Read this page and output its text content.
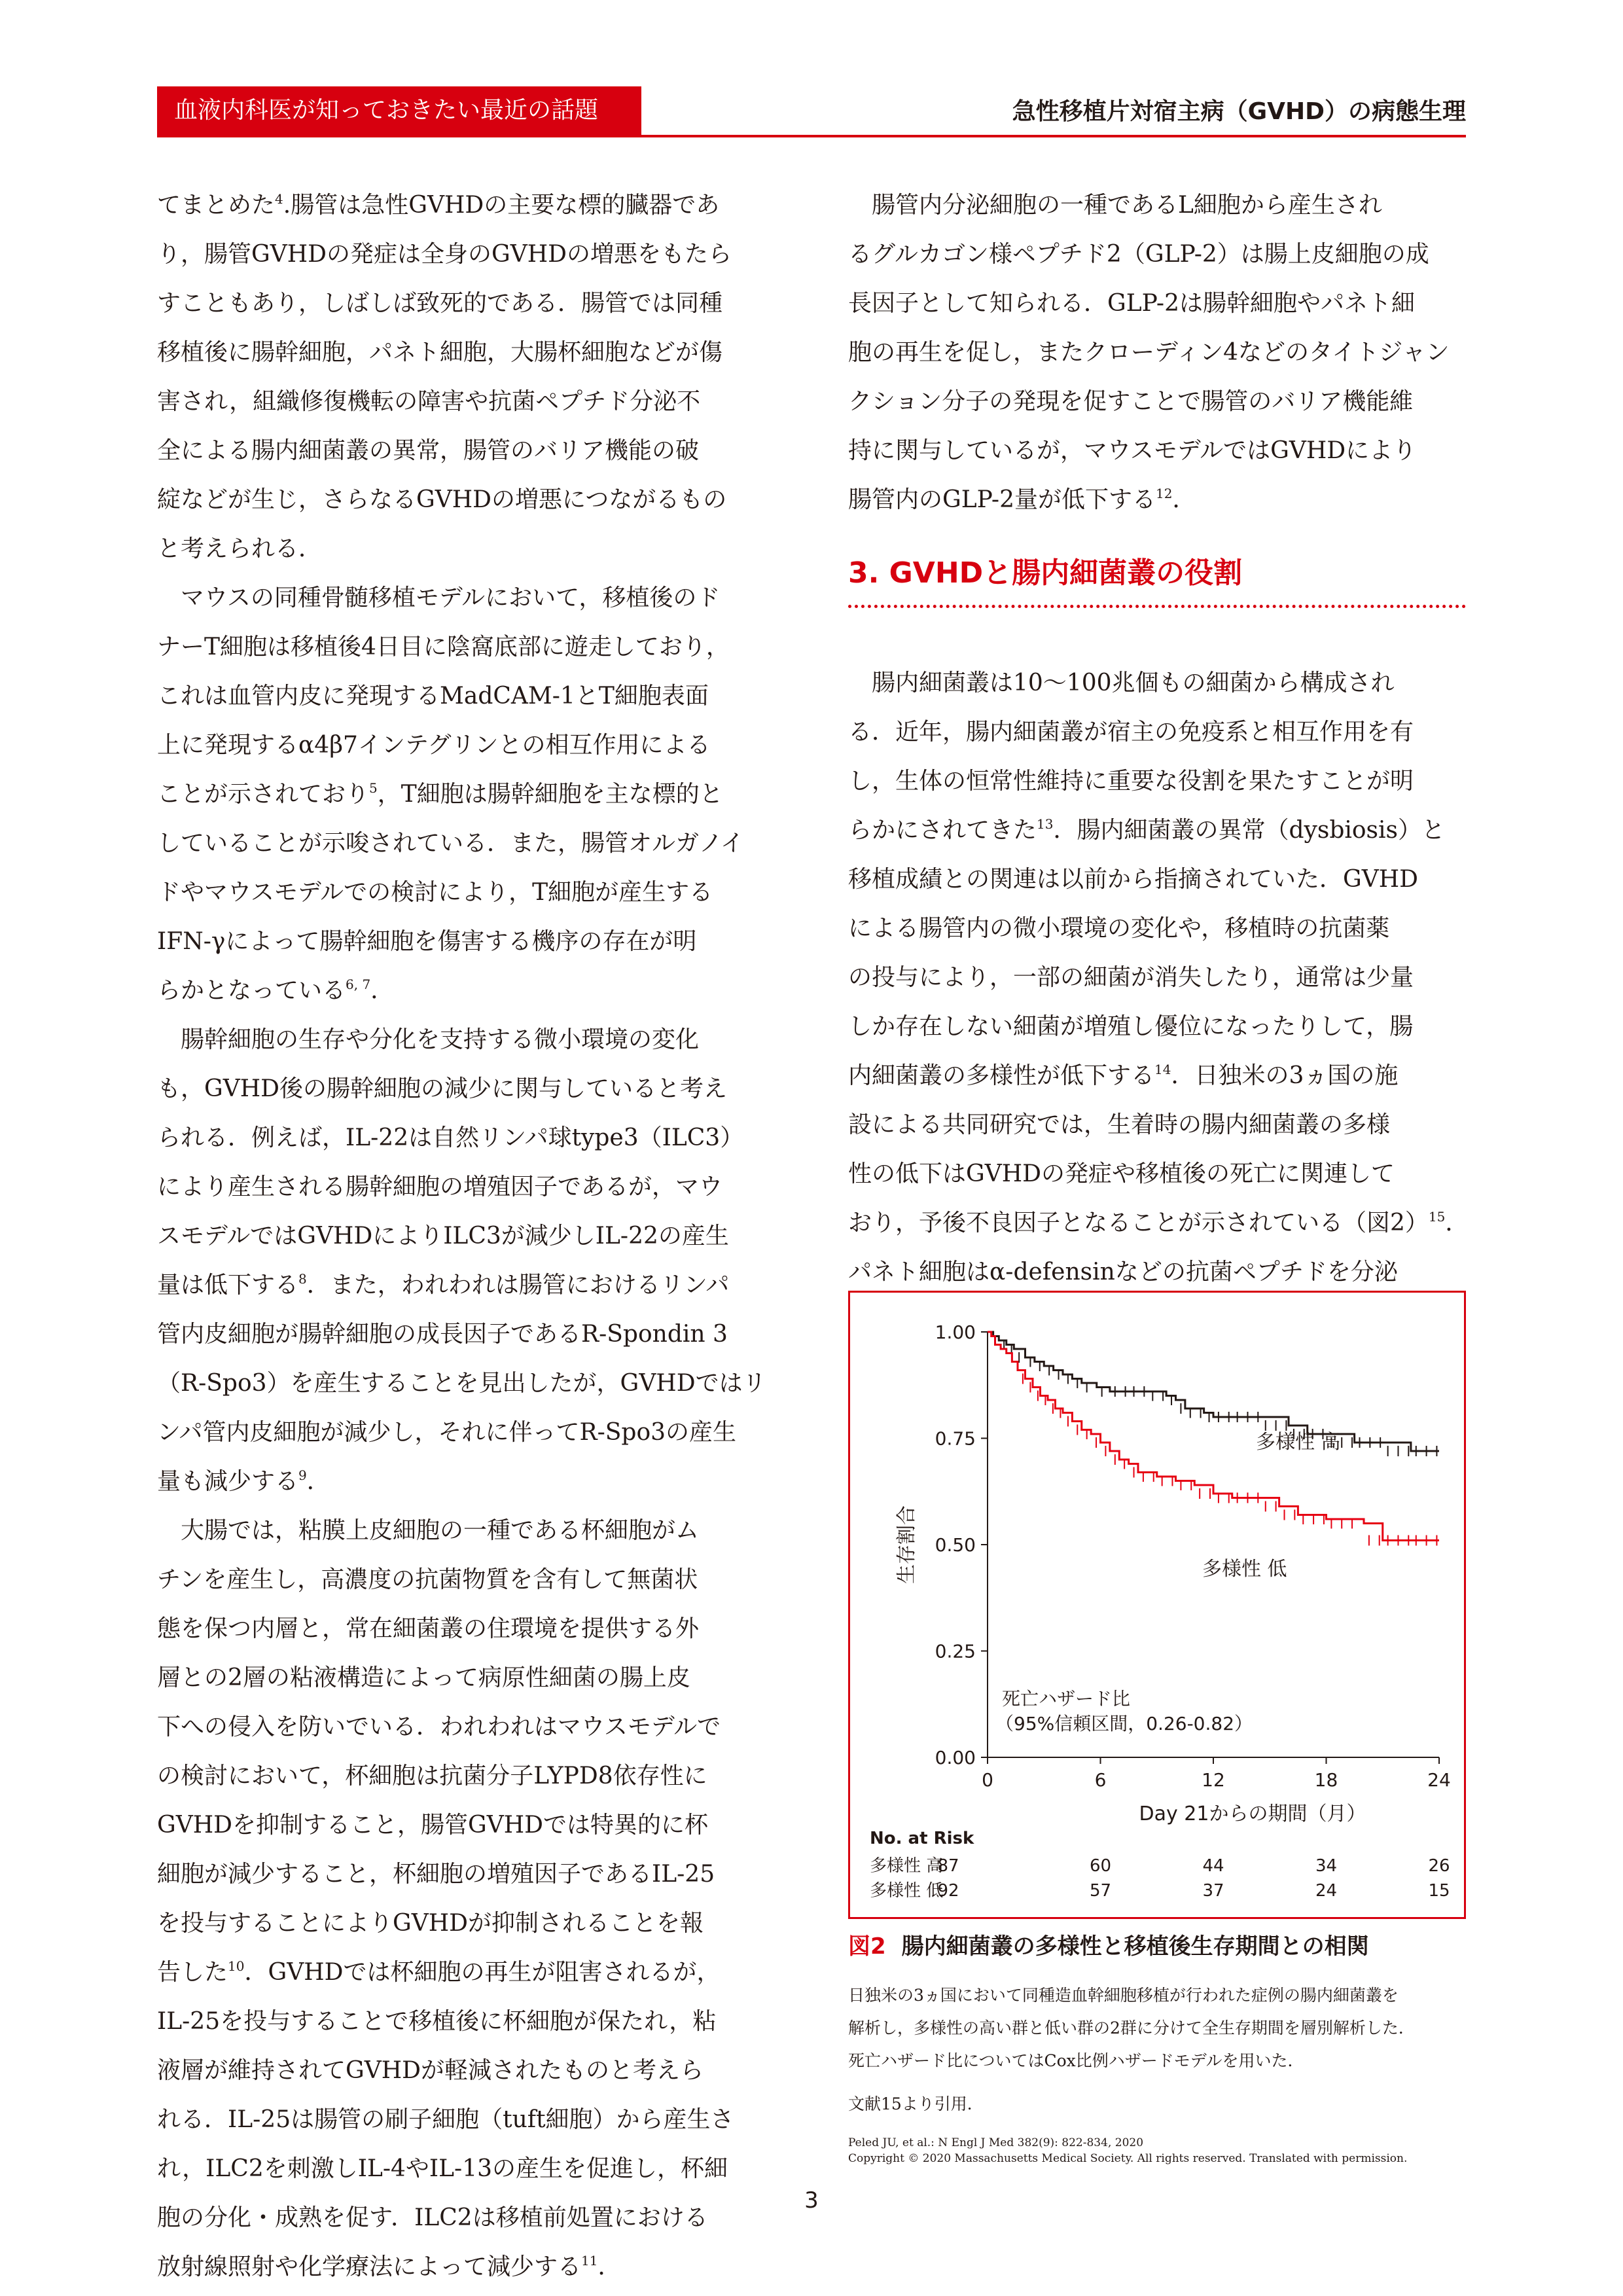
血液内科医が知っておきたい最近の話題	急性移植片対宿主病（GVHD）の病態生理
てまとめた$^4$.腸管は急性GVHDの主要な標的臓器であ
り，腸管GVHDの発症は全身のGVHDの増悪をもたら
すこともあり，しばしば致死的である．腸管では同種
移植後に腸幹細胞，パネト細胞，大腸杯細胞などが傷
害され，組織修復機転の障害や抗菌ペプチド分泌不
全による腸内細菌叢の異常，腸管のバリア機能の破
綻などが生じ，さらなるGVHDの増悪につながるもの
と考えられる．
マウスの同種骨髄移植モデルにおいて，移植後のド
ナーT細胞は移植後4日目に陰窩底部に遊走しており，
これは血管内皮に発現するMadCAM-1とT細胞表面
上に発現するα4β7インテグリンとの相互作用による
ことが示されており$^5$，T細胞は腸幹細胞を主な標的と
していることが示唆されている．また，腸管オルガノイ
ドやマウスモデルでの検討により，T細胞が産生する
IFN-γによって腸幹細胞を傷害する機序の存在が明
らかとなっている$^{6, 7}$．
腸幹細胞の生存や分化を支持する微小環境の変化
も，GVHD後の腸幹細胞の減少に関与していると考え
られる．例えば，IL-22は自然リンパ球type3（ILC3）
により産生される腸幹細胞の増殖因子であるが，マウ
スモデルではGVHDによりILC3が減少しIL-22の産生
量は低下する$^8$．また，われわれは腸管におけるリンパ
管内皮細胞が腸幹細胞の成長因子であるR-Spondin 3
（R-Spo3）を産生することを見出したが，GVHDではリ
ンパ管内皮細胞が減少し，それに伴ってR-Spo3の産生
量も減少する$^9$．
大腸では，粘膜上皮細胞の一種である杯細胞がム
チンを産生し，高濃度の抗菌物質を含有して無菌状
態を保つ内層と，常在細菌叢の住環境を提供する外
層との2層の粘液構造によって病原性細菌の腸上皮
下への侵入を防いでいる．われわれはマウスモデルで
の検討において，杯細胞は抗菌分子LYPD8依存性に
GVHDを抑制すること，腸管GVHDでは特異的に杯
細胞が減少すること，杯細胞の増殖因子であるIL-25
を投与することによりGVHDが抑制されることを報
告した$^{10}$．GVHDでは杯細胞の再生が阻害されるが，
IL-25を投与することで移植後に杯細胞が保たれ，粘
液層が維持されてGVHDが軽減されたものと考えら
れる．IL-25は腸管の刷子細胞（tuft細胞）から産生さ
れ，ILC2を刺激しIL-4やIL-13の産生を促進し，杯細
胞の分化・成熟を促す．ILC2は移植前処置における
放射線照射や化学療法によって減少する$^{11}$．
腸管内分泌細胞の一種であるL細胞から産生され
るグルカゴン様ペプチド2（GLP-2）は腸上皮細胞の成
長因子として知られる．GLP-2は腸幹細胞やパネト細
胞の再生を促し，またクローディン4などのタイトジャン
クション分子の発現を促すことで腸管のバリア機能維
持に関与しているが，マウスモデルではGVHDにより
腸管内のGLP-2量が低下する$^{12}$．
3. GVHDと腸内細菌叢の役割
腸内細菌叢は10～100兆個もの細菌から構成され
る．近年，腸内細菌叢が宿主の免疫系と相互作用を有
し，生体の恒常性維持に重要な役割を果たすことが明
らかにされてきた$^{13}$．腸内細菌叢の異常（dysbiosis）と
移植成績との関連は以前から指摘されていた．GVHD
による腸管内の微小環境の変化や，移植時の抗菌薬
の投与により，一部の細菌が消失したり，通常は少量
しか存在しない細菌が増殖し優位になったりして，腸
内細菌叢の多様性が低下する$^{14}$．日独米の3ヵ国の施
設による共同研究では，生着時の腸内細菌叢の多様
性の低下はGVHDの発症や移植後の死亡に関連して
おり，予後不良因子となることが示されている（図2）$^{15}$．
パネト細胞はα-defensinなどの抗菌ペプチドを分泌
0.00
0.25
0.50
0.75
1.00
0	6	12	18	24
Day 21からの期間（月）
生存割合
多様性 高
多様性 低
死亡ハザード比
（95%信頼区間，0.26-0.82）
No. at Risk
多様性 高
87	60	44	34	26
多様性 低
92	57	37	24	15
図2 腸内細菌叢の多様性と移植後生存期間との相関
日独米の3ヵ国において同種造血幹細胞移植が行われた症例の腸内細菌叢を
解析し，多様性の高い群と低い群の2群に分けて全生存期間を層別解析した．
死亡ハザード比についてはCox比例ハザードモデルを用いた．
文献15より引用．
Peled JU, et al.: N Engl J Med 382(9): 822-834, 2020
Copyright © 2020 Massachusetts Medical Society. All rights reserved. Translated with permission.
3
